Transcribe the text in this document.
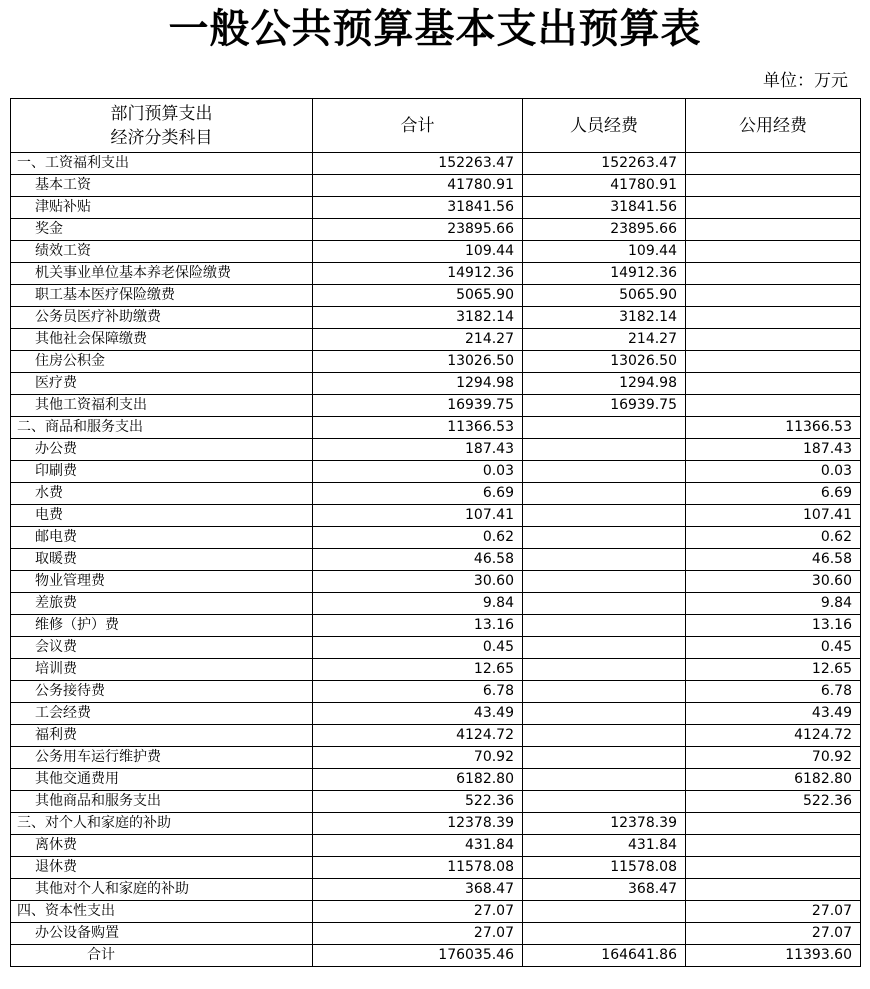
一般公共预算基本支出预算表
单位：万元
部门预算支出
经济分类科目	合计	人员经费	公用经费
一、工资福利支出	152263.47	152263.47	
基本工资	41780.91	41780.91	
津贴补贴	31841.56	31841.56	
奖金	23895.66	23895.66	
绩效工资	109.44	109.44	
机关事业单位基本养老保险缴费	14912.36	14912.36	
职工基本医疗保险缴费	5065.90	5065.90	
公务员医疗补助缴费	3182.14	3182.14	
其他社会保障缴费	214.27	214.27	
住房公积金	13026.50	13026.50	
医疗费	1294.98	1294.98	
其他工资福利支出	16939.75	16939.75	
二、商品和服务支出	11366.53		11366.53
办公费	187.43		187.43
印刷费	0.03		0.03
水费	6.69		6.69
电费	107.41		107.41
邮电费	0.62		0.62
取暖费	46.58		46.58
物业管理费	30.60		30.60
差旅费	9.84		9.84
维修（护）费	13.16		13.16
会议费	0.45		0.45
培训费	12.65		12.65
公务接待费	6.78		6.78
工会经费	43.49		43.49
福利费	4124.72		4124.72
公务用车运行维护费	70.92		70.92
其他交通费用	6182.80		6182.80
其他商品和服务支出	522.36		522.36
三、对个人和家庭的补助	12378.39	12378.39	
离休费	431.84	431.84	
退休费	11578.08	11578.08	
其他对个人和家庭的补助	368.47	368.47	
四、资本性支出	27.07		27.07
办公设备购置	27.07		27.07
合计	176035.46	164641.86	11393.60
